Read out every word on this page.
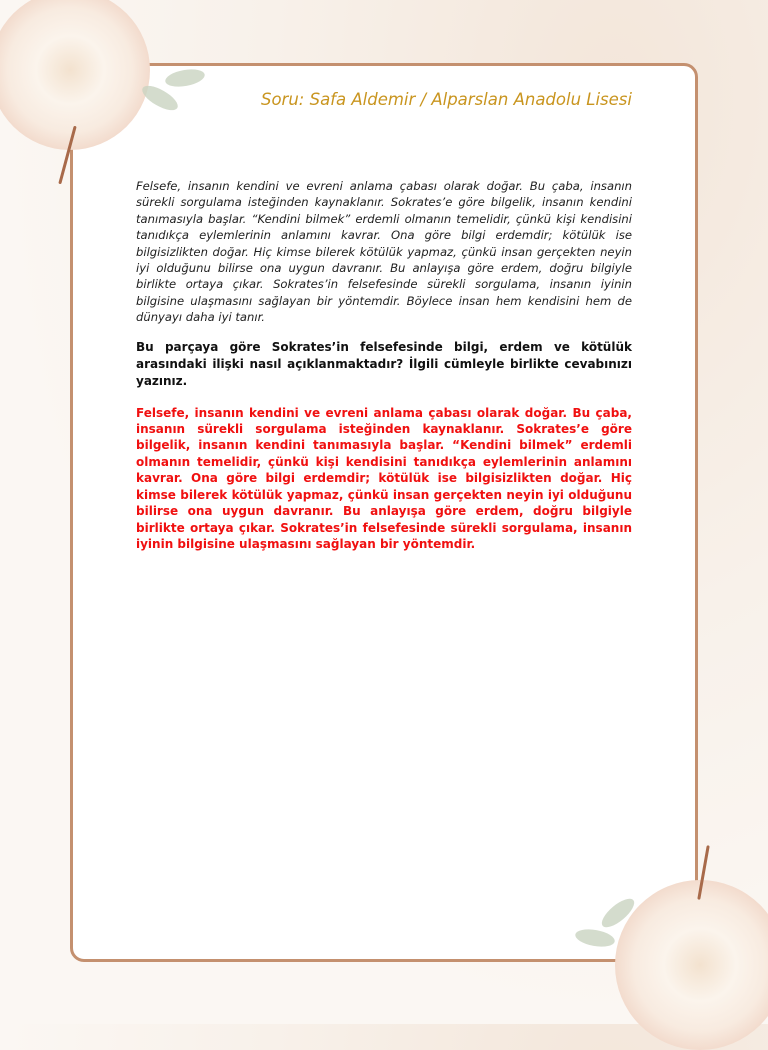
Soru: Safa Aldemir / Alparslan Anadolu Lisesi

Felsefe, insanın kendini ve evreni anlama çabası olarak doğar. Bu çaba, insanın sürekli sorgulama isteğinden kaynaklanır. Sokrates’e göre bilgelik, insanın kendini tanımasıyla başlar. “Kendini bilmek” erdemli olmanın temelidir, çünkü kişi kendisini tanıdıkça eylemlerinin anlamını kavrar. Ona göre bilgi erdemdir; kötülük ise bilgisizlikten doğar. Hiç kimse bilerek kötülük yapmaz, çünkü insan gerçekten neyin iyi olduğunu bilirse ona uygun davranır. Bu anlayışa göre erdem, doğru bilgiyle birlikte ortaya çıkar. Sokrates’in felsefesinde sürekli sorgulama, insanın iyinin bilgisine ulaşmasını sağlayan bir yöntemdir. Böylece insan hem kendisini hem de dünyayı daha iyi tanır.

Bu parçaya göre Sokrates’in felsefesinde bilgi, erdem ve kötülük arasındaki ilişki nasıl açıklanmaktadır? İlgili cümleyle birlikte cevabınızı yazınız.

Felsefe, insanın kendini ve evreni anlama çabası olarak doğar. Bu çaba, insanın sürekli sorgulama isteğinden kaynaklanır. Sokrates’e göre bilgelik, insanın kendini tanımasıyla başlar. “Kendini bilmek” erdemli olmanın temelidir, çünkü kişi kendisini tanıdıkça eylemlerinin anlamını kavrar. Ona göre bilgi erdemdir; kötülük ise bilgisizlikten doğar. Hiç kimse bilerek kötülük yapmaz, çünkü insan gerçekten neyin iyi olduğunu bilirse ona uygun davranır. Bu anlayışa göre erdem, doğru bilgiyle birlikte ortaya çıkar. Sokrates’in felsefesinde sürekli sorgulama, insanın iyinin bilgisine ulaşmasını sağlayan bir yöntemdir.
